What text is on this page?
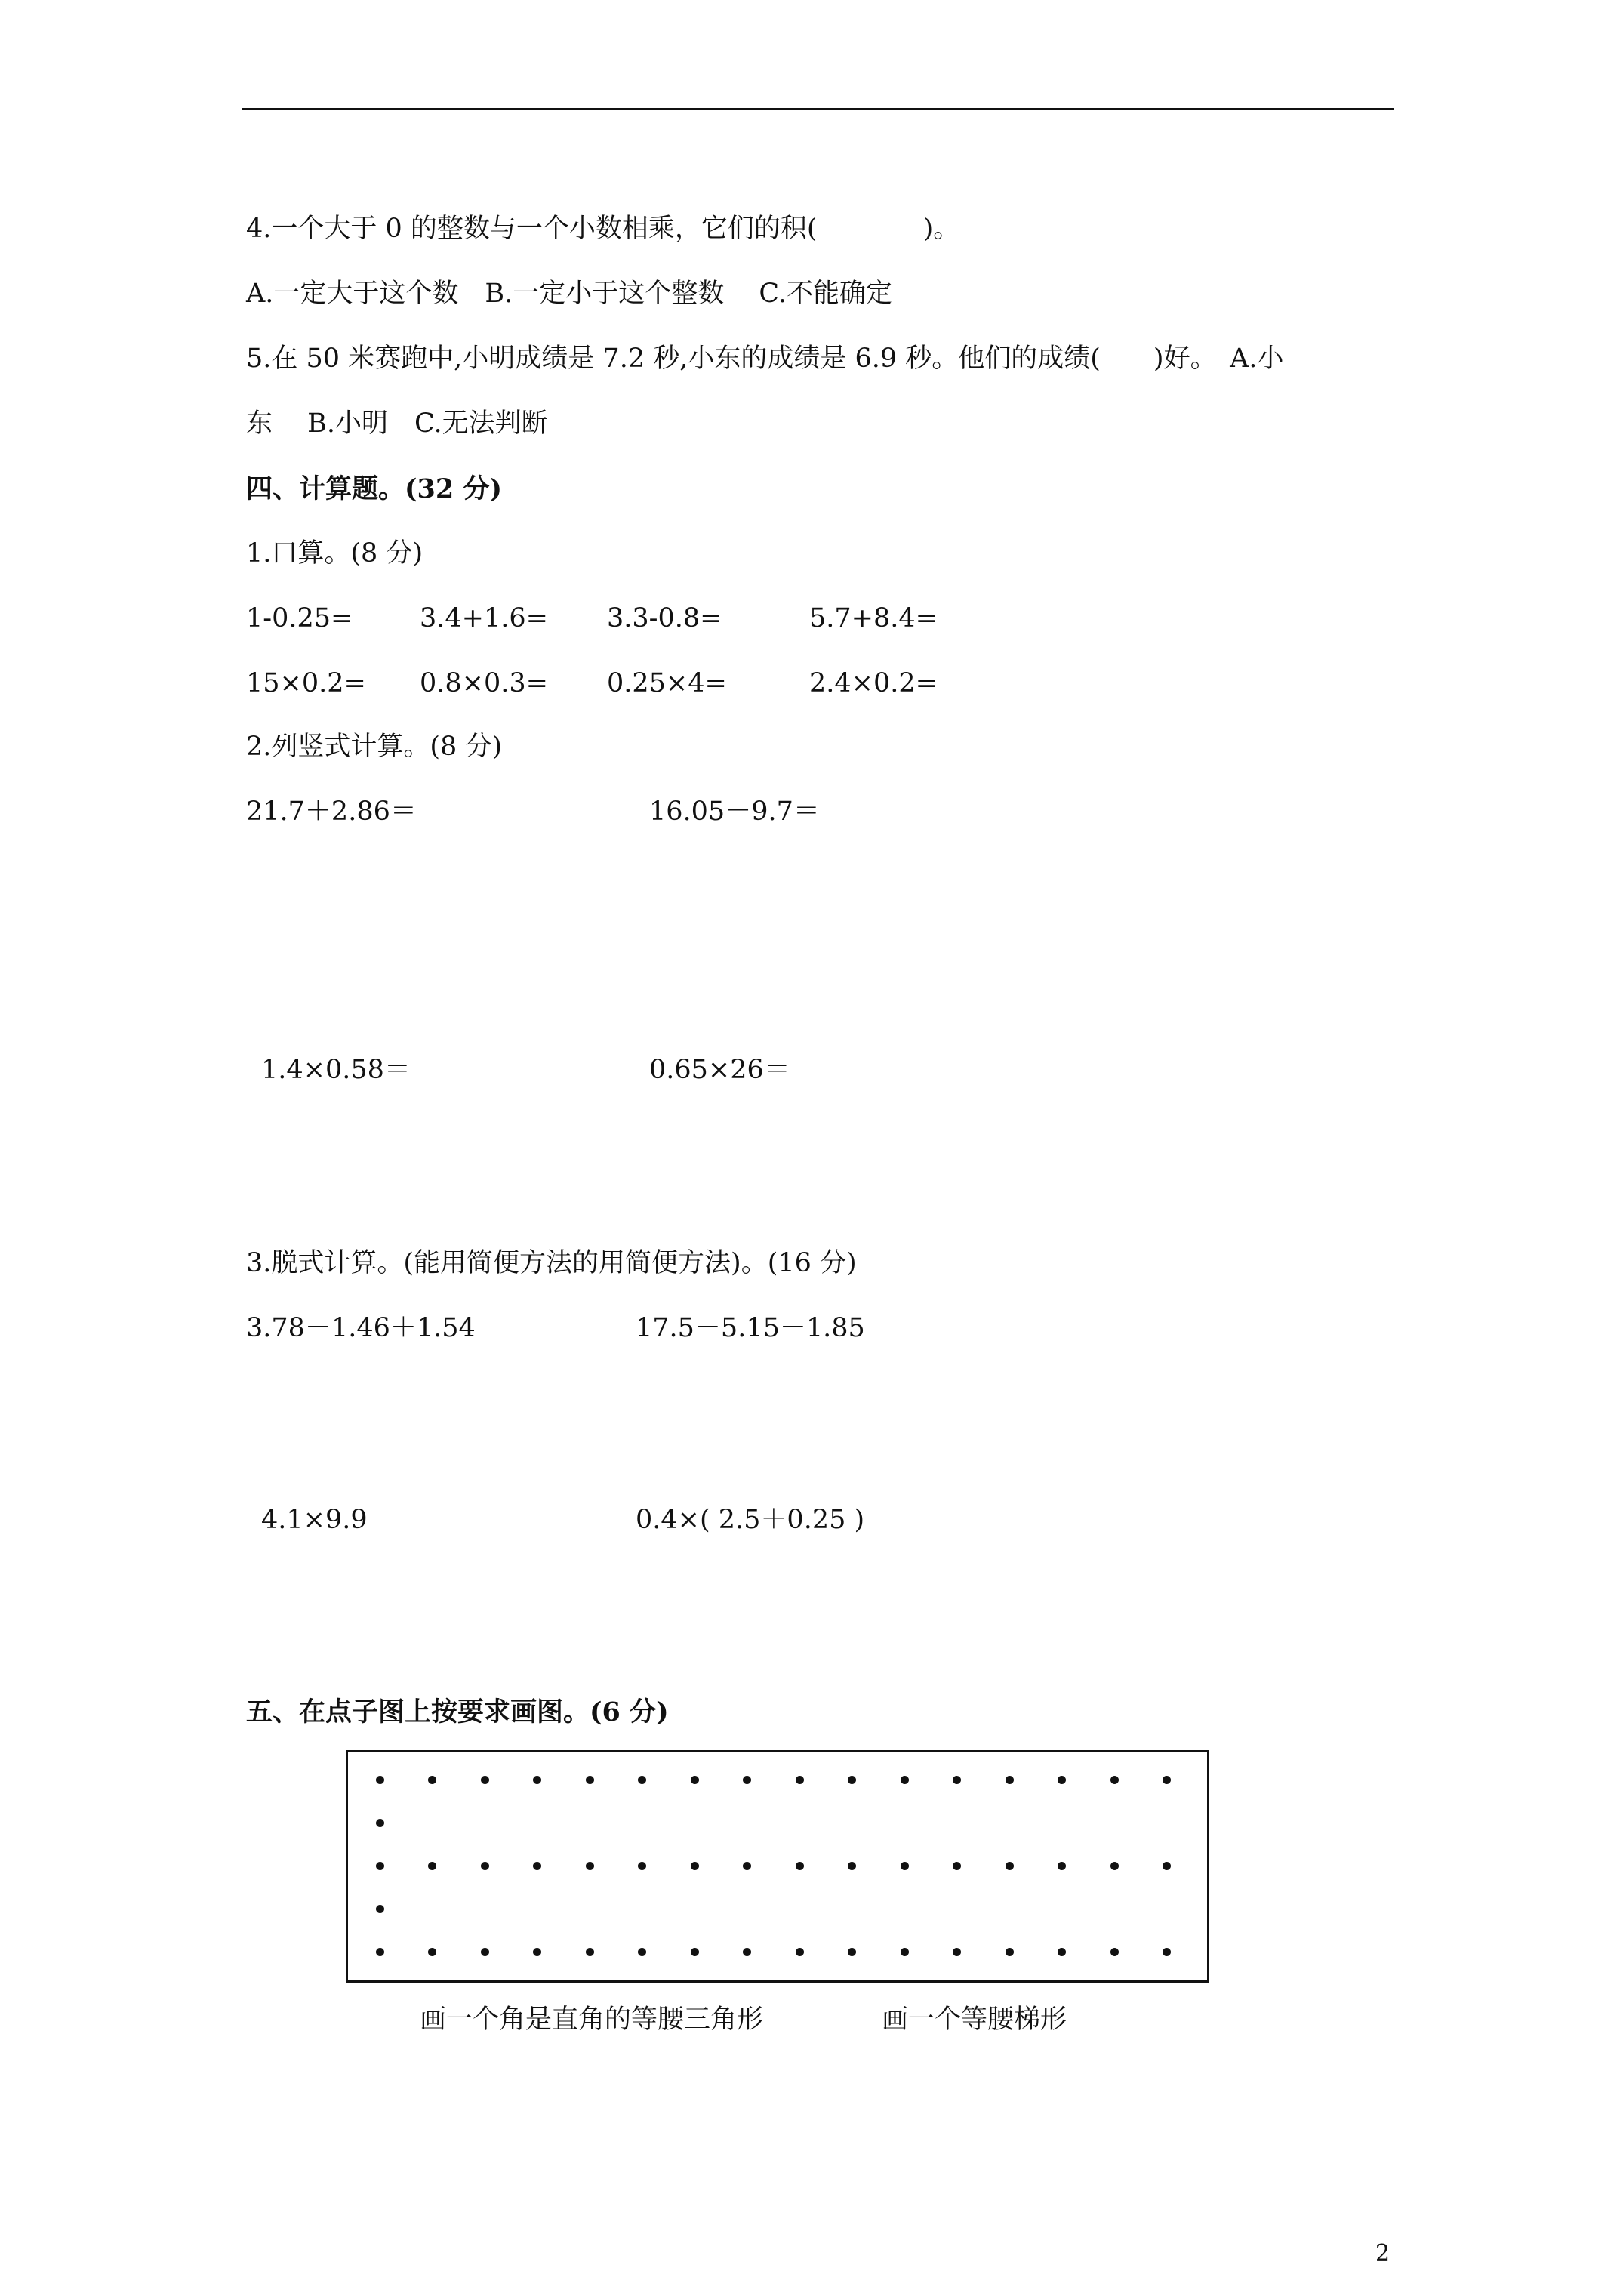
4.一个大于 0 的整数与一个小数相乘，它们的积(　　　　)。
A.一定大于这个数　B.一定小于这个整数　 C.不能确定
5.在 50 米赛跑中,小明成绩是 7.2 秒,小东的成绩是 6.9 秒。他们的成绩(　　)好。　A.小
东　 B.小明　C.无法判断
四、计算题。(32 分)
1.口算。(8 分)
1-0.25=	3.4+1.6= 3.3-0.8=	5.7+8.4=
15×0.2= 0.8×0.3= 0.25×4=	2.4×0.2=
2.列竖式计算。(8 分)
21.7＋2.86＝	16.05－9.7＝
1.4×0.58＝	0.65×26＝
3.脱式计算。(能用简便方法的用简便方法)。(16 分)
3.78－1.46＋1.54	17.5－5.15－1.85
4.1×9.9	0.4×( 2.5＋0.25 )
五、在点子图上按要求画图。(6 分)
画一个角是直角的等腰三角形	画一个等腰梯形
2
